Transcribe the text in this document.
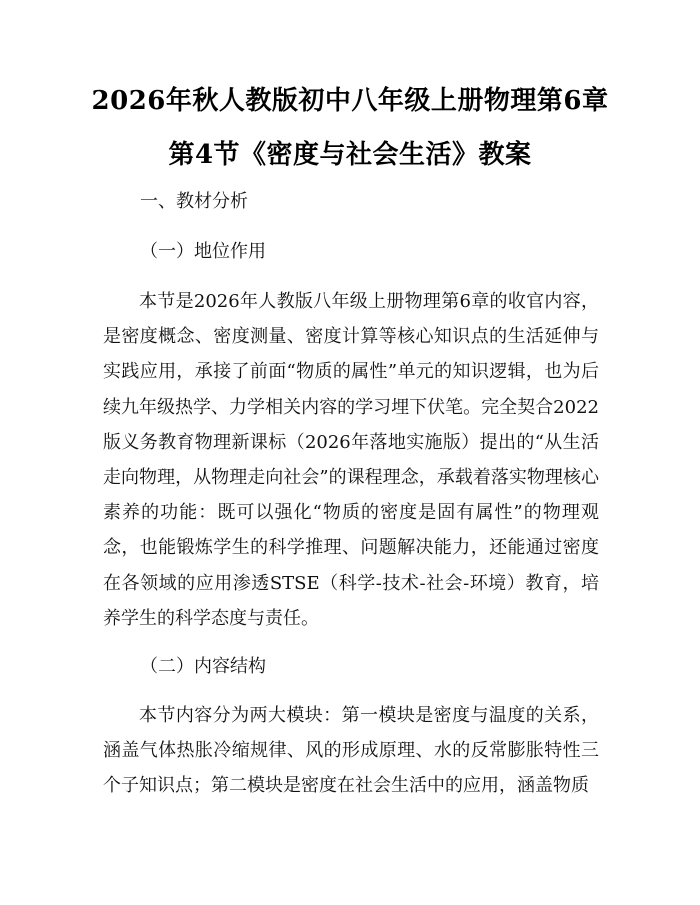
2026年秋人教版初中八年级上册物理第6章
第4节《密度与社会生活》教案
一、教材分析
（一）地位作用
本节是2026年人教版八年级上册物理第6章的收官内容，是密度概念、密度测量、密度计算等核心知识点的生活延伸与实践应用，承接了前面“物质的属性”单元的知识逻辑，也为后续九年级热学、力学相关内容的学习埋下伏笔。完全契合2022版义务教育物理新课标（2026年落地实施版）提出的“从生活走向物理，从物理走向社会”的课程理念，承载着落实物理核心素养的功能：既可以强化“物质的密度是固有属性”的物理观念，也能锻炼学生的科学推理、问题解决能力，还能通过密度在各领域的应用渗透STSE（科学-技术-社会-环境）教育，培养学生的科学态度与责任。
（二）内容结构
本节内容分为两大模块：第一模块是密度与温度的关系，涵盖气体热胀冷缩规律、风的形成原理、水的反常膨胀特性三个子知识点；第二模块是密度在社会生活中的应用，涵盖物质
